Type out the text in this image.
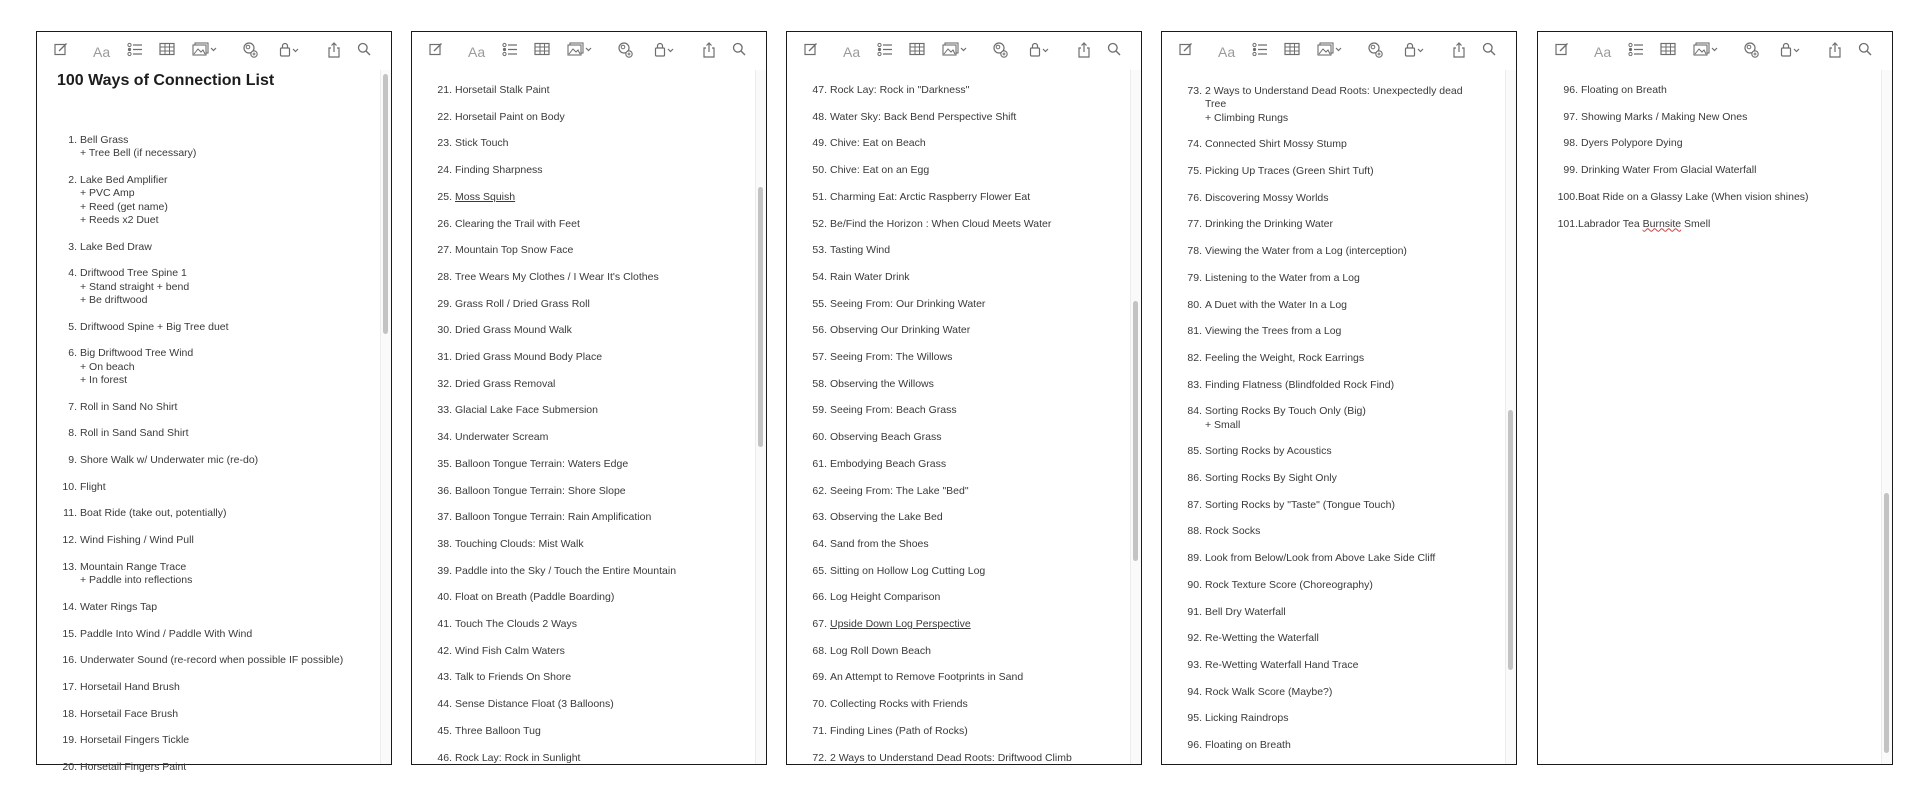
Aa
100 Ways of Connection List
1. Bell Grass
+ Tree Bell (if necessary)
2. Lake Bed Amplifier
+ PVC Amp
+ Reed (get name)
+ Reeds x2 Duet
3. Lake Bed Draw
4. Driftwood Tree Spine 1
+ Stand straight + bend
+ Be driftwood
5. Driftwood Spine + Big Tree duet
6. Big Driftwood Tree Wind
+ On beach
+ In forest
7. Roll in Sand No Shirt
8. Roll in Sand Sand Shirt
9. Shore Walk w/ Underwater mic (re-do)
10. Flight
11. Boat Ride (take out, potentially)
12. Wind Fishing / Wind Pull
13. Mountain Range Trace
+ Paddle into reflections
14. Water Rings Tap
15. Paddle Into Wind / Paddle With Wind
16. Underwater Sound (re-record when possible IF possible)
17. Horsetail Hand Brush
18. Horsetail Face Brush
19. Horsetail Fingers Tickle
20. Horsetail Fingers Paint
Aa
21. Horsetail Stalk Paint
22. Horsetail Paint on Body
23. Stick Touch
24. Finding Sharpness
25. Moss Squish
26. Clearing the Trail with Feet
27. Mountain Top Snow Face
28. Tree Wears My Clothes / I Wear It's Clothes
29. Grass Roll / Dried Grass Roll
30. Dried Grass Mound Walk
31. Dried Grass Mound Body Place
32. Dried Grass Removal
33. Glacial Lake Face Submersion
34. Underwater Scream
35. Balloon Tongue Terrain: Waters Edge
36. Balloon Tongue Terrain: Shore Slope
37. Balloon Tongue Terrain: Rain Amplification
38. Touching Clouds: Mist Walk
39. Paddle into the Sky / Touch the Entire Mountain
40. Float on Breath (Paddle Boarding)
41. Touch The Clouds 2 Ways
42. Wind Fish Calm Waters
43. Talk to Friends On Shore
44. Sense Distance Float (3 Balloons)
45. Three Balloon Tug
46. Rock Lay: Rock in Sunlight
Aa
47. Rock Lay: Rock in "Darkness"
48. Water Sky: Back Bend Perspective Shift
49. Chive: Eat on Beach
50. Chive: Eat on an Egg
51. Charming Eat: Arctic Raspberry Flower Eat
52. Be/Find the Horizon : When Cloud Meets Water
53. Tasting Wind
54. Rain Water Drink
55. Seeing From: Our Drinking Water
56. Observing Our Drinking Water
57. Seeing From: The Willows
58. Observing the Willows
59. Seeing From: Beach Grass
60. Observing Beach Grass
61. Embodying Beach Grass
62. Seeing From: The Lake "Bed"
63. Observing the Lake Bed
64. Sand from the Shoes
65. Sitting on Hollow Log Cutting Log
66. Log Height Comparison
67. Upside Down Log Perspective
68. Log Roll Down Beach
69. An Attempt to Remove Footprints in Sand
70. Collecting Rocks with Friends
71. Finding Lines (Path of Rocks)
72. 2 Ways to Understand Dead Roots: Driftwood Climb
Aa
73. 2 Ways to Understand Dead Roots: Unexpectedly dead
Tree
+ Climbing Rungs
74. Connected Shirt Mossy Stump
75. Picking Up Traces (Green Shirt Tuft)
76. Discovering Mossy Worlds
77. Drinking the Drinking Water
78. Viewing the Water from a Log (interception)
79. Listening to the Water from a Log
80. A Duet with the Water In a Log
81. Viewing the Trees from a Log
82. Feeling the Weight, Rock Earrings
83. Finding Flatness (Blindfolded Rock Find)
84. Sorting Rocks By Touch Only (Big)
+ Small
85. Sorting Rocks by Acoustics
86. Sorting Rocks By Sight Only
87. Sorting Rocks by "Taste" (Tongue Touch)
88. Rock Socks
89. Look from Below/Look from Above Lake Side Cliff
90. Rock Texture Score (Choreography)
91. Bell Dry Waterfall
92. Re-Wetting the Waterfall
93. Re-Wetting Waterfall Hand Trace
94. Rock Walk Score (Maybe?)
95. Licking Raindrops
96. Floating on Breath
Aa
96. Floating on Breath
97. Showing Marks / Making New Ones
98. Dyers Polypore Dying
99. Drinking Water From Glacial Waterfall
100. Boat Ride on a Glassy Lake (When vision shines)
101. Labrador Tea Burnsite Smell
